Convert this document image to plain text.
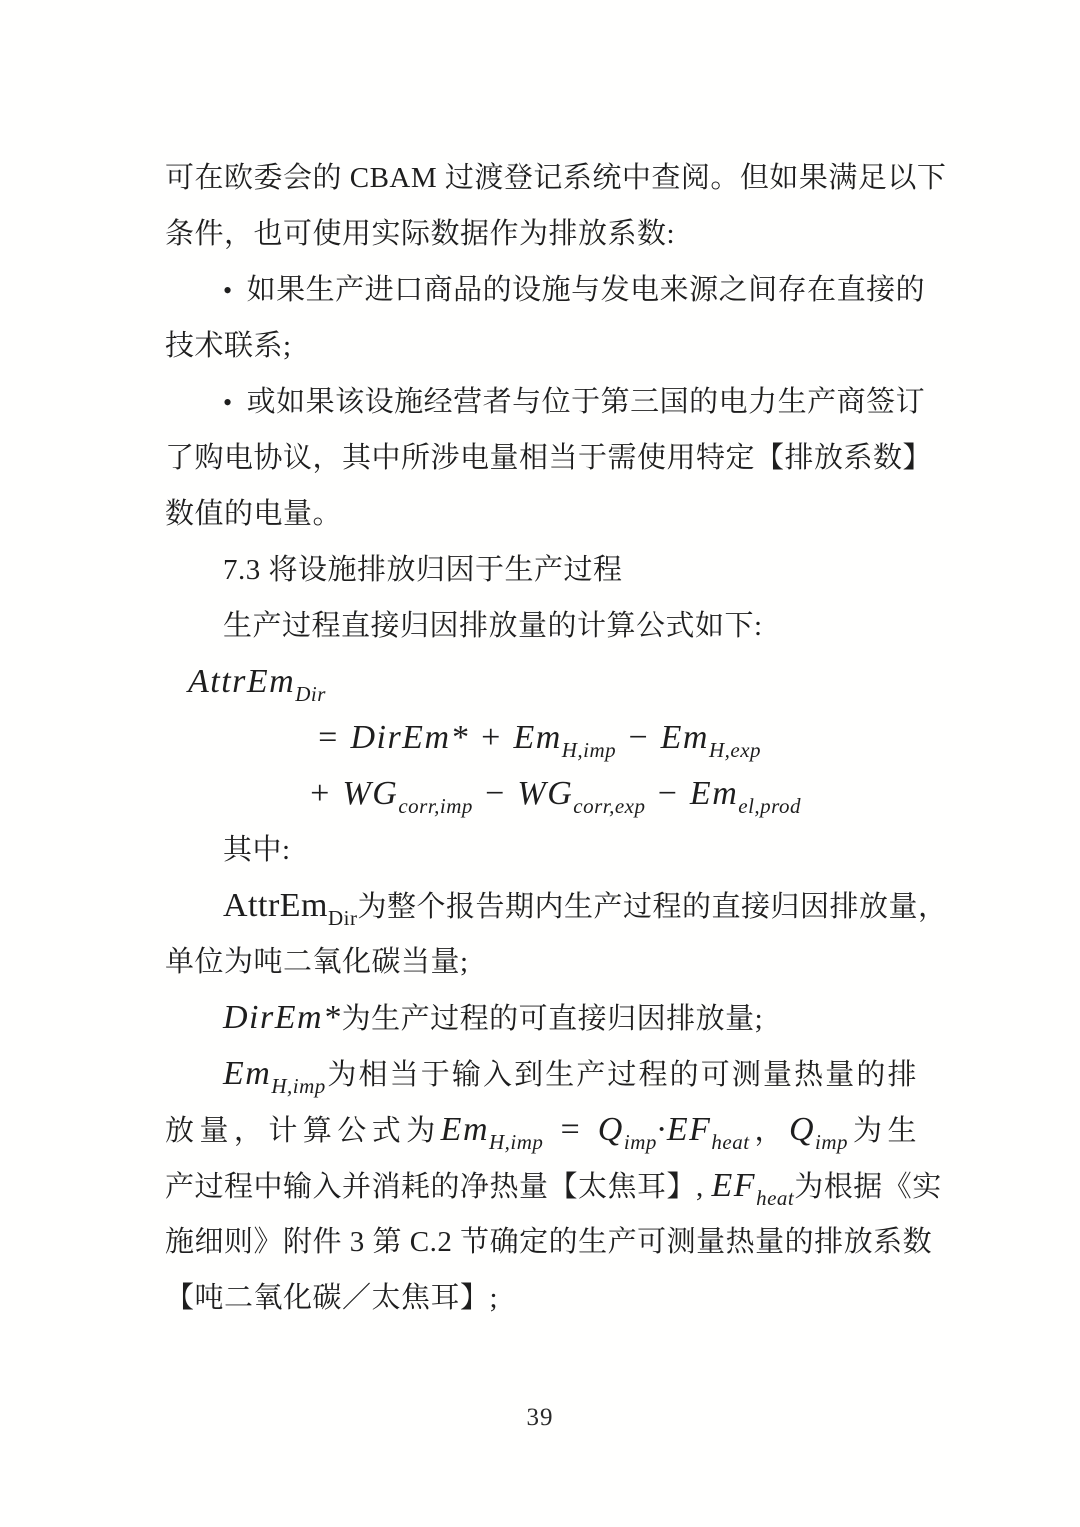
可在欧委会的 CBAM 过渡登记系统中查阅。但如果满足以下
条件，也可使用实际数据作为排放系数:
• 如果生产进口商品的设施与发电来源之间存在直接的
技术联系;
• 或如果该设施经营者与位于第三国的电力生产商签订
了购电协议，其中所涉电量相当于需使用特定【排放系数】
数值的电量。
7.3 将设施排放归因于生产过程
生产过程直接归因排放量的计算公式如下:
AttrEm$_{Dir}$
= DirEm* + $Em_{H,imp} - Em_{H,exp}$
+ $WG_{corr,imp} - WG_{corr,exp} - Em_{el,prod}$
其中:
AttrEm$_{Dir}$为整个报告期内生产过程的直接归因排放量，
单位为吨二氧化碳当量;
DirEm*为生产过程的可直接归因排放量;
$Em_{H,imp}$为相当于输入到生产过程的可测量热量的排
放量，计算公式为$Em_{H,imp} = Q_{imp}\cdot EF_{heat}$，$Q_{imp}$为生
产过程中输入并消耗的净热量【太焦耳】, $EF_{heat}$为根据《实
施细则》附件 3 第 C.2 节确定的生产可测量热量的排放系数
【吨二氧化碳／太焦耳】;
39
